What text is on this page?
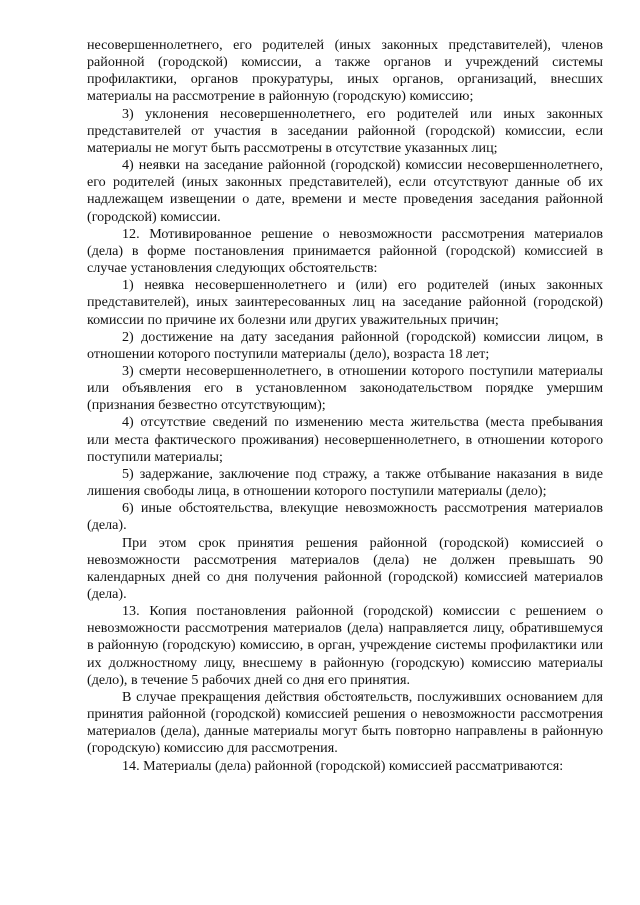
несовершеннолетнего, его родителей (иных законных представителей), членов районной (городской) комиссии, а также органов и учреждений системы профилактики, органов прокуратуры, иных органов, организаций, внесших материалы на рассмотрение в районную (городскую) комиссию;

3) уклонения несовершеннолетнего, его родителей или иных законных представителей от участия в заседании районной (городской) комиссии, если материалы не могут быть рассмотрены в отсутствие указанных лиц;

4) неявки на заседание районной (городской) комиссии несовершеннолетнего, его родителей (иных законных представителей), если отсутствуют данные об их надлежащем извещении о дате, времени и месте проведения заседания районной (городской) комиссии.

12. Мотивированное решение о невозможности рассмотрения материалов (дела) в форме постановления принимается районной (городской) комиссией в случае установления следующих обстоятельств:

1) неявка несовершеннолетнего и (или) его родителей (иных законных представителей), иных заинтересованных лиц на заседание районной (городской) комиссии по причине их болезни или других уважительных причин;

2) достижение на дату заседания районной (городской) комиссии лицом, в отношении которого поступили материалы (дело), возраста 18 лет;

3) смерти несовершеннолетнего, в отношении которого поступили материалы или объявления его в установленном законодательством порядке умершим (признания безвестно отсутствующим);

4) отсутствие сведений по изменению места жительства (места пребывания или места фактического проживания) несовершеннолетнего, в отношении которого поступили материалы;

5) задержание, заключение под стражу, а также отбывание наказания в виде лишения свободы лица, в отношении которого поступили материалы (дело);

6) иные обстоятельства, влекущие невозможность рассмотрения материалов (дела).

При этом срок принятия решения районной (городской) комиссией о невозможности рассмотрения материалов (дела) не должен превышать 90 календарных дней со дня получения районной (городской) комиссией материалов (дела).

13. Копия постановления районной (городской) комиссии с решением о невозможности рассмотрения материалов (дела) направляется лицу, обратившемуся в районную (городскую) комиссию, в орган, учреждение системы профилактики или их должностному лицу, внесшему в районную (городскую) комиссию материалы (дело), в течение 5 рабочих дней со дня его принятия.

В случае прекращения действия обстоятельств, послуживших основанием для принятия районной (городской) комиссией решения о невозможности рассмотрения материалов (дела), данные материалы могут быть повторно направлены в районную (городскую) комиссию для рассмотрения.

14. Материалы (дела) районной (городской) комиссией рассматриваются:
